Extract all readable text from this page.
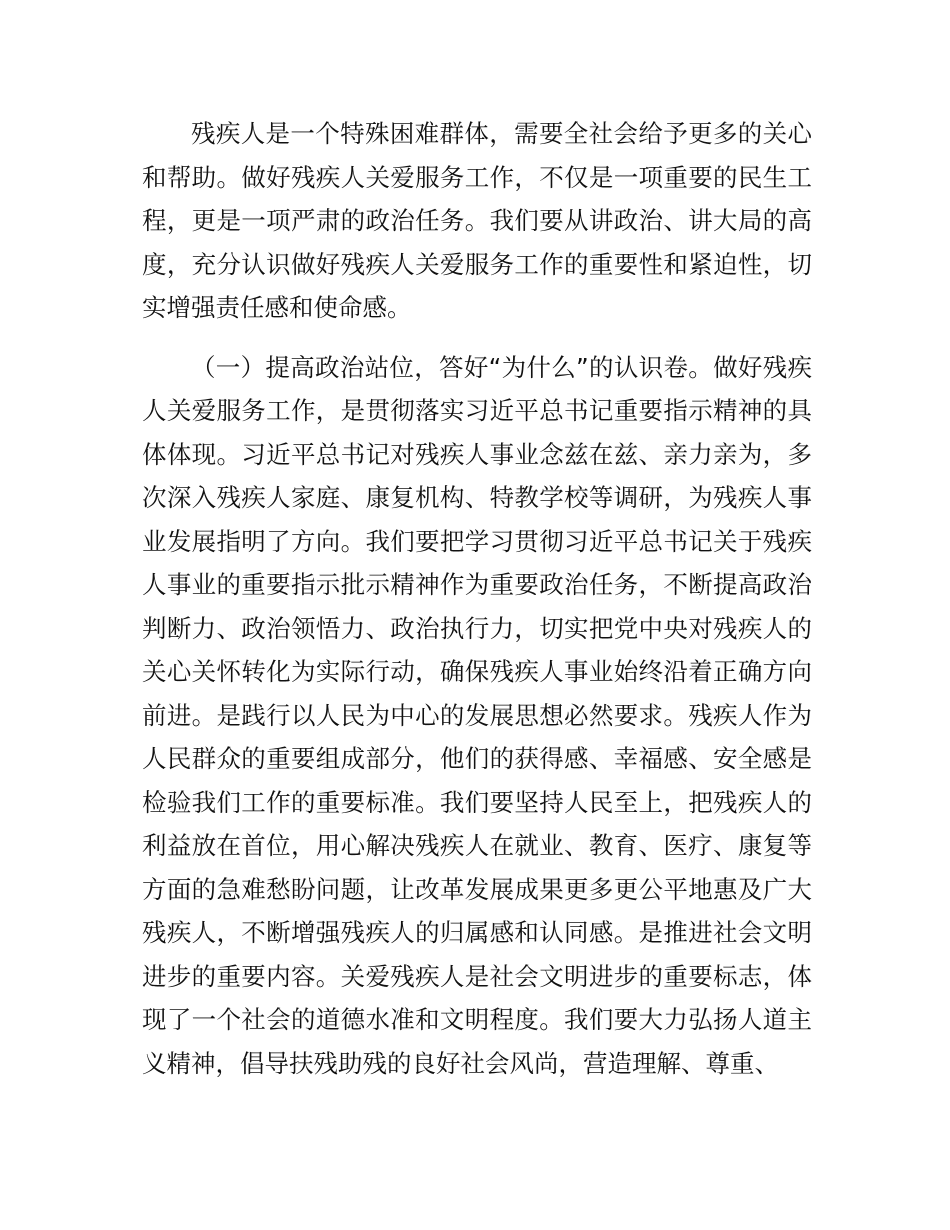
残疾人是一个特殊困难群体，需要全社会给予更多的关心和帮助。做好残疾人关爱服务工作，不仅是一项重要的民生工程，更是一项严肃的政治任务。我们要从讲政治、讲大局的高度，充分认识做好残疾人关爱服务工作的重要性和紧迫性，切实增强责任感和使命感。

（一）提高政治站位，答好“为什么”的认识卷。做好残疾人关爱服务工作，是贯彻落实习近平总书记重要指示精神的具体体现。习近平总书记对残疾人事业念兹在兹、亲力亲为，多次深入残疾人家庭、康复机构、特教学校等调研，为残疾人事业发展指明了方向。我们要把学习贯彻习近平总书记关于残疾人事业的重要指示批示精神作为重要政治任务，不断提高政治判断力、政治领悟力、政治执行力，切实把党中央对残疾人的关心关怀转化为实际行动，确保残疾人事业始终沿着正确方向前进。是践行以人民为中心的发展思想必然要求。残疾人作为人民群众的重要组成部分，他们的获得感、幸福感、安全感是检验我们工作的重要标准。我们要坚持人民至上，把残疾人的利益放在首位，用心解决残疾人在就业、教育、医疗、康复等方面的急难愁盼问题，让改革发展成果更多更公平地惠及广大残疾人，不断增强残疾人的归属感和认同感。是推进社会文明进步的重要内容。关爱残疾人是社会文明进步的重要标志，体现了一个社会的道德水准和文明程度。我们要大力弘扬人道主义精神，倡导扶残助残的良好社会风尚，营造理解、尊重、
